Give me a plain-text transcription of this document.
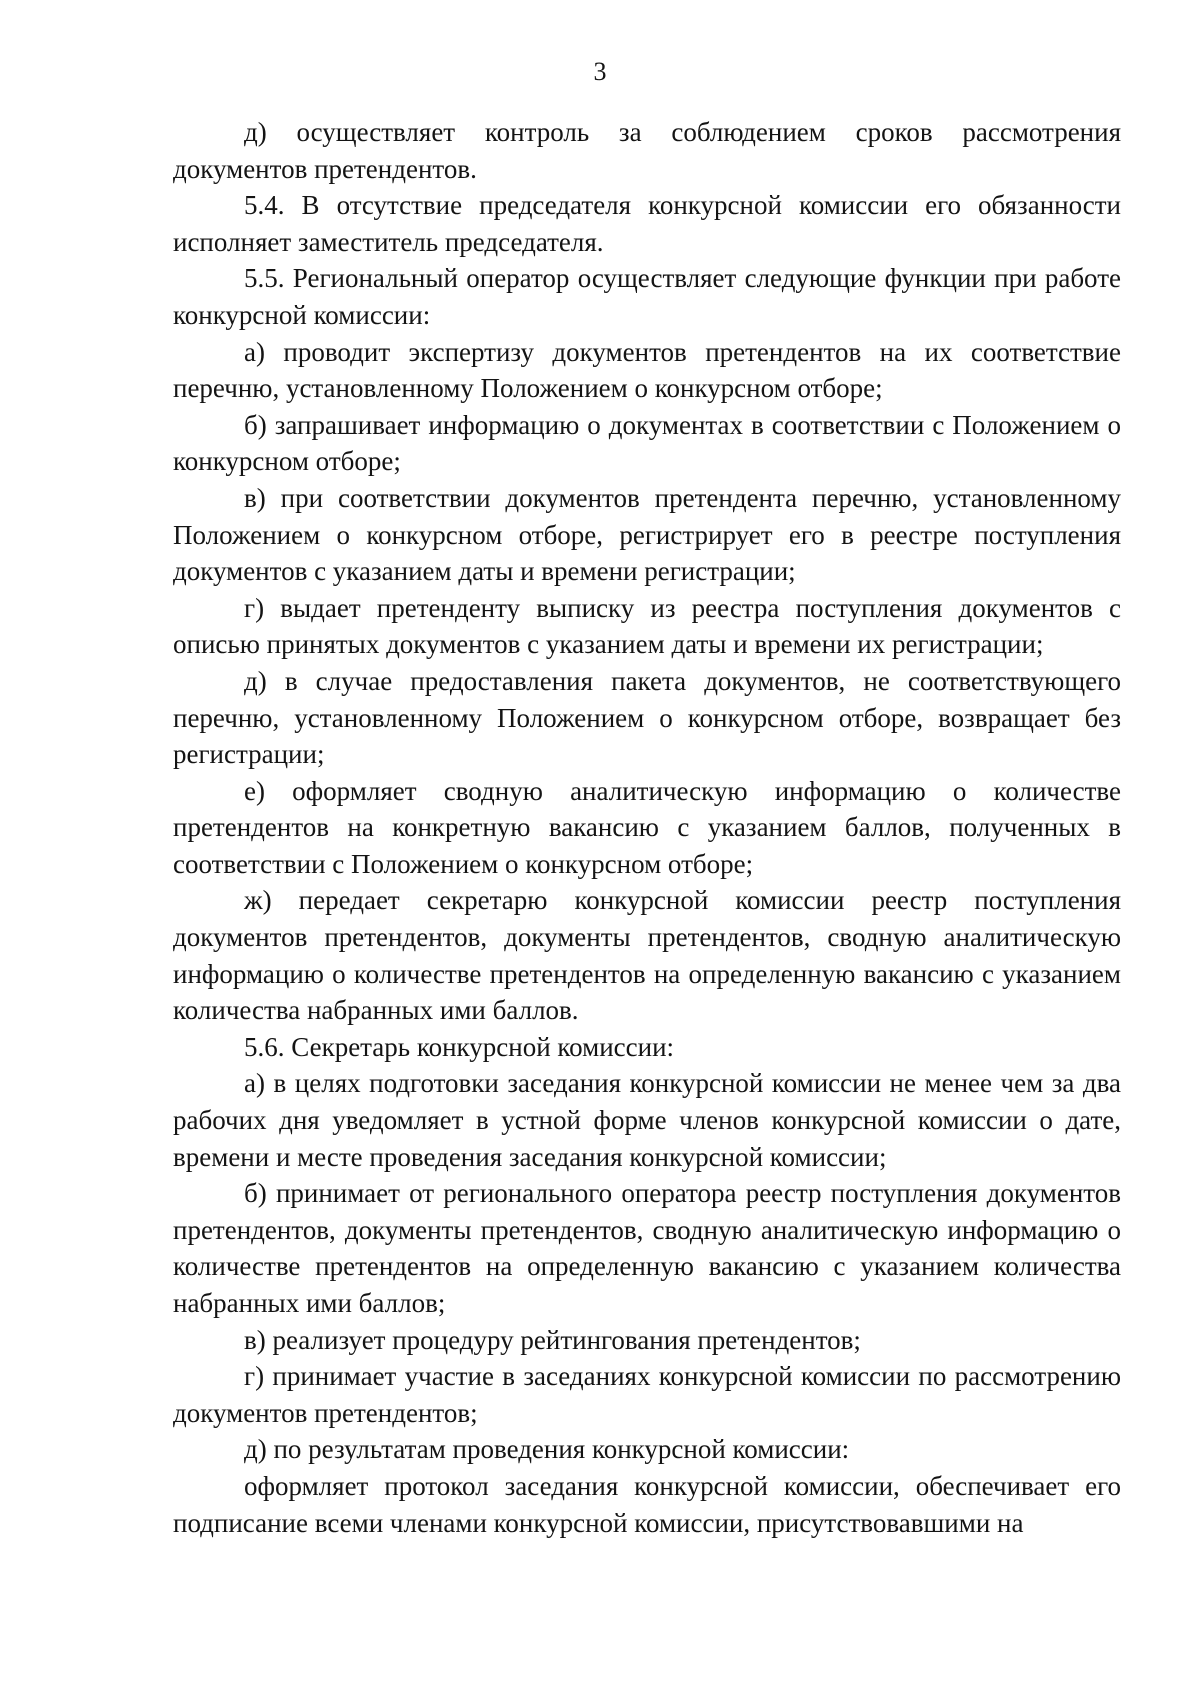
3

д) осуществляет контроль за соблюдением сроков рассмотрения документов претендентов.

5.4. В отсутствие председателя конкурсной комиссии его обязанности исполняет заместитель председателя.

5.5. Региональный оператор осуществляет следующие функции при работе конкурсной комиссии:

а) проводит экспертизу документов претендентов на их соответствие перечню, установленному Положением о конкурсном отборе;

б) запрашивает информацию о документах в соответствии с Положением о конкурсном отборе;

в) при соответствии документов претендента перечню, установленному Положением о конкурсном отборе, регистрирует его в реестре поступления документов с указанием даты и времени регистрации;

г) выдает претенденту выписку из реестра поступления документов с описью принятых документов с указанием даты и времени их регистрации;

д) в случае предоставления пакета документов, не соответствующего перечню, установленному Положением о конкурсном отборе, возвращает без регистрации;

е) оформляет сводную аналитическую информацию о количестве претендентов на конкретную вакансию с указанием баллов, полученных в соответствии с Положением о конкурсном отборе;

ж) передает секретарю конкурсной комиссии реестр поступления документов претендентов, документы претендентов, сводную аналитическую информацию о количестве претендентов на определенную вакансию с указанием количества набранных ими баллов.

5.6. Секретарь конкурсной комиссии:

а) в целях подготовки заседания конкурсной комиссии не менее чем за два рабочих дня уведомляет в устной форме членов конкурсной комиссии о дате, времени и месте проведения заседания конкурсной комиссии;

б) принимает от регионального оператора реестр поступления документов претендентов, документы претендентов, сводную аналитическую информацию о количестве претендентов на определенную вакансию с указанием количества набранных ими баллов;

в) реализует процедуру рейтингования претендентов;

г) принимает участие в заседаниях конкурсной комиссии по рассмотрению документов претендентов;

д) по результатам проведения конкурсной комиссии:

оформляет протокол заседания конкурсной комиссии, обеспечивает его подписание всеми членами конкурсной комиссии, присутствовавшими на
